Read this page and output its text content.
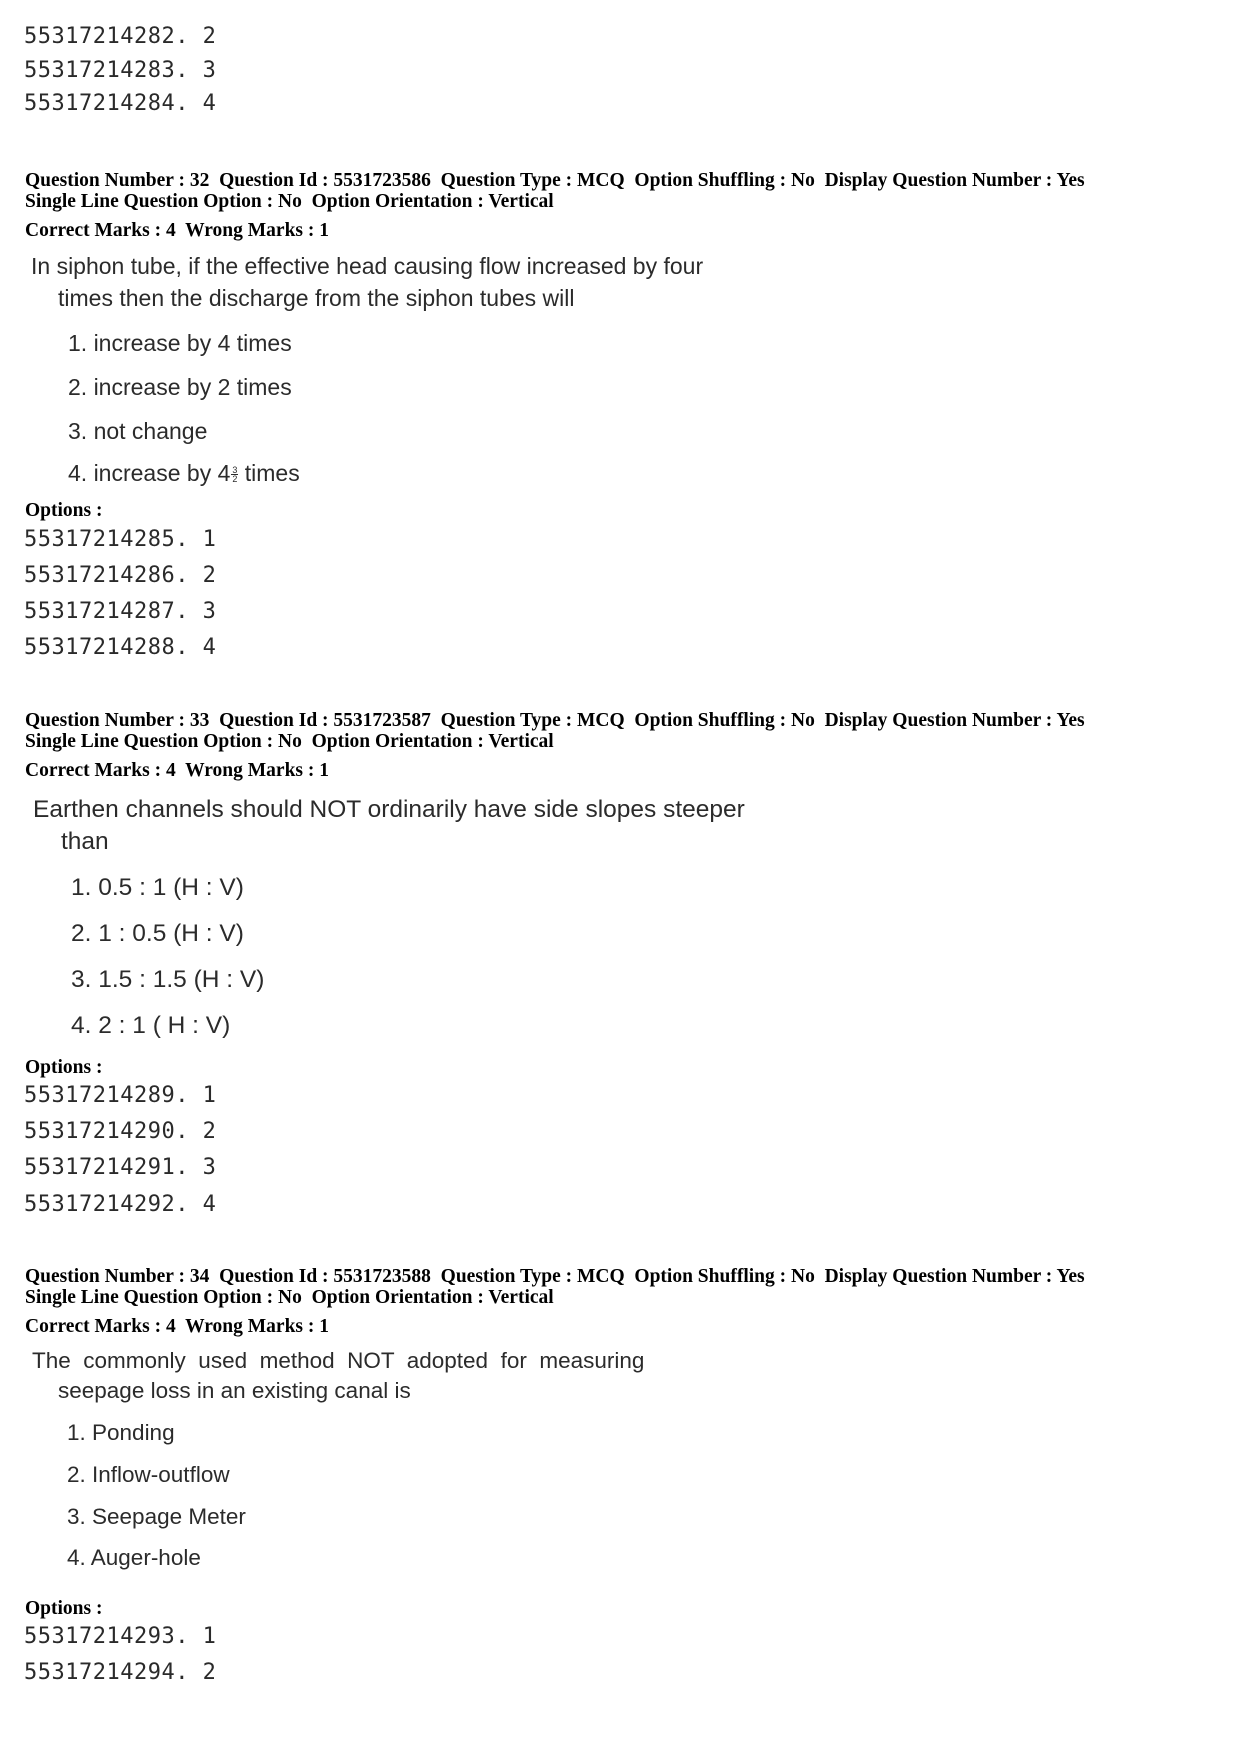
55317214282. 2
55317214283. 3
55317214284. 4
Question Number : 32  Question Id : 5531723586  Question Type : MCQ  Option Shuffling : No  Display Question Number : Yes
Single Line Question Option : No  Option Orientation : Vertical
Correct Marks : 4  Wrong Marks : 1
In siphon tube, if the effective head causing flow increased by four
times then the discharge from the siphon tubes will
1. increase by 4 times
2. increase by 2 times
3. not change
4. increase by 4 $^{\frac{3}{2}}$ times
Options :
55317214285. 1
55317214286. 2
55317214287. 3
55317214288. 4
Question Number : 33  Question Id : 5531723587  Question Type : MCQ  Option Shuffling : No  Display Question Number : Yes
Single Line Question Option : No  Option Orientation : Vertical
Correct Marks : 4  Wrong Marks : 1
Earthen channels should NOT ordinarily have side slopes steeper
than
1. 0.5 : 1 (H : V)
2. 1 : 0.5 (H : V)
3. 1.5 : 1.5 (H : V)
4. 2 : 1 ( H : V)
Options :
55317214289. 1
55317214290. 2
55317214291. 3
55317214292. 4
Question Number : 34  Question Id : 5531723588  Question Type : MCQ  Option Shuffling : No  Display Question Number : Yes
Single Line Question Option : No  Option Orientation : Vertical
Correct Marks : 4  Wrong Marks : 1
The  commonly  used  method  NOT  adopted  for  measuring
seepage loss in an existing canal is
1. Ponding
2. Inflow-outflow
3. Seepage Meter
4. Auger-hole
Options :
55317214293. 1
55317214294. 2
